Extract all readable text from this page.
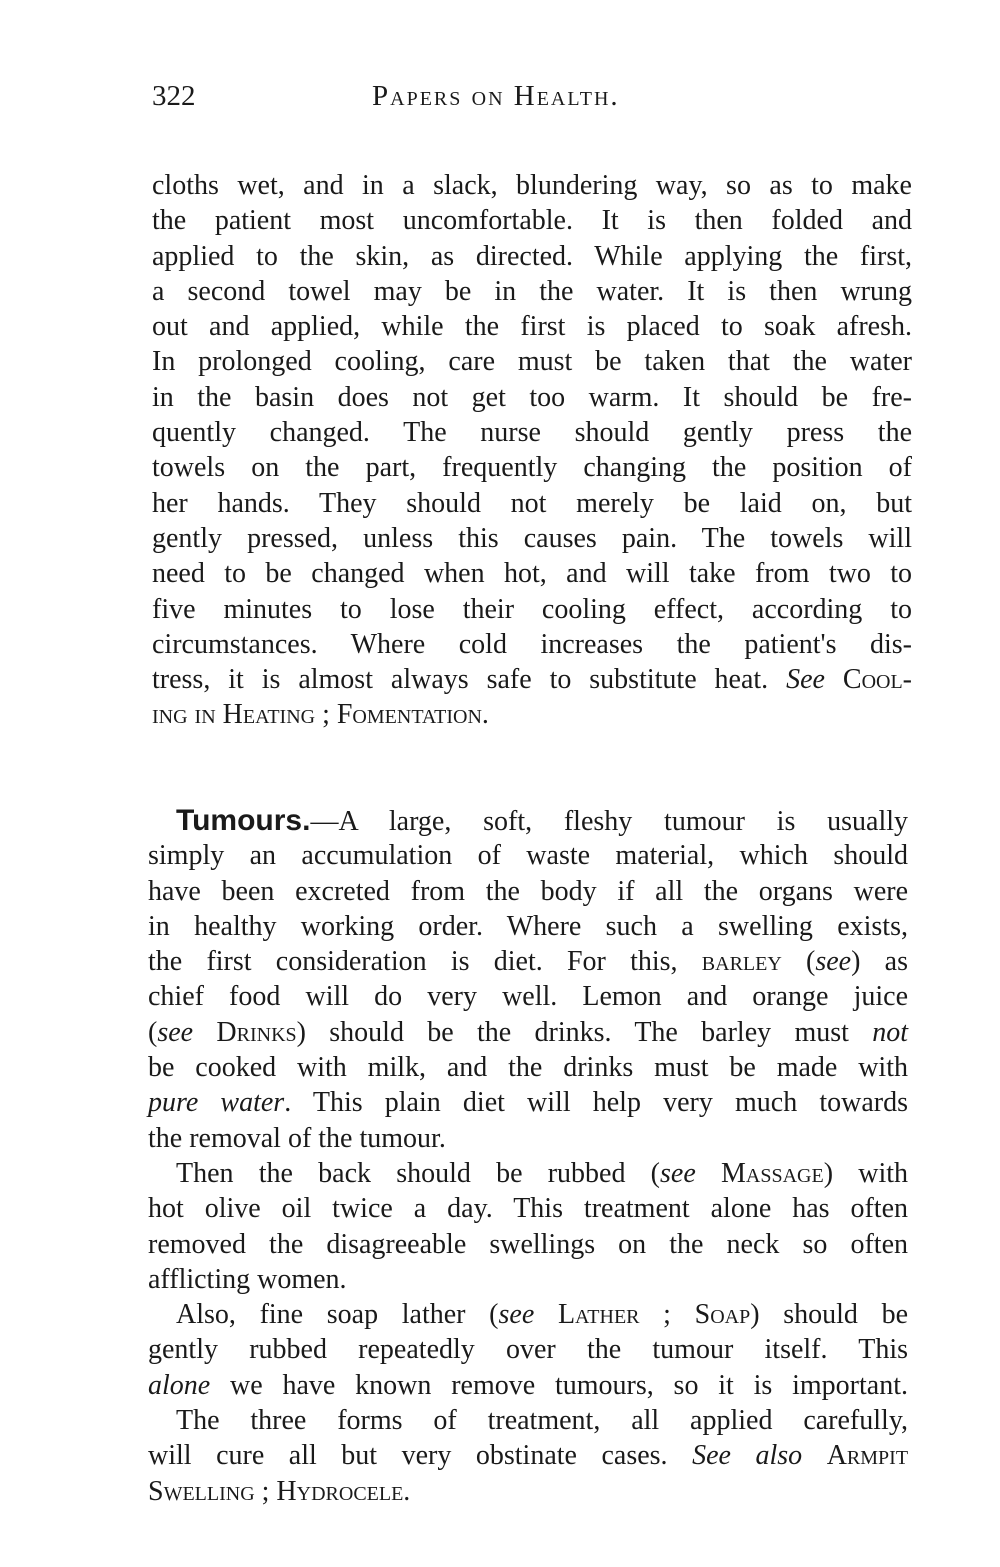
322	Papers on Health.
cloths wet, and in a slack, blundering way, so as to make
the patient most uncomfortable. It is then folded and
applied to the skin, as directed. While applying the first,
a second towel may be in the water. It is then wrung
out and applied, while the first is placed to soak afresh.
In prolonged cooling, care must be taken that the water
in the basin does not get too warm. It should be fre-
quently changed. The nurse should gently press the
towels on the part, frequently changing the position of
her hands. They should not merely be laid on, but
gently pressed, unless this causes pain. The towels will
need to be changed when hot, and will take from two to
five minutes to lose their cooling effect, according to
circumstances. Where cold increases the patient's dis-
tress, it is almost always safe to substitute heat. See Cool-
ing in Heating ; Fomentation.
Tumours.—A large, soft, fleshy tumour is usually
simply an accumulation of waste material, which should
have been excreted from the body if all the organs were
in healthy working order. Where such a swelling exists,
the first consideration is diet. For this, barley (see) as
chief food will do very well. Lemon and orange juice
(see Drinks) should be the drinks. The barley must not
be cooked with milk, and the drinks must be made with
pure water. This plain diet will help very much towards
the removal of the tumour.
Then the back should be rubbed (see Massage) with
hot olive oil twice a day. This treatment alone has often
removed the disagreeable swellings on the neck so often
afflicting women.
Also, fine soap lather (see Lather ; Soap) should be
gently rubbed repeatedly over the tumour itself. This
alone we have known remove tumours, so it is important.
The three forms of treatment, all applied carefully,
will cure all but very obstinate cases. See also Armpit
Swelling ; Hydrocele.
